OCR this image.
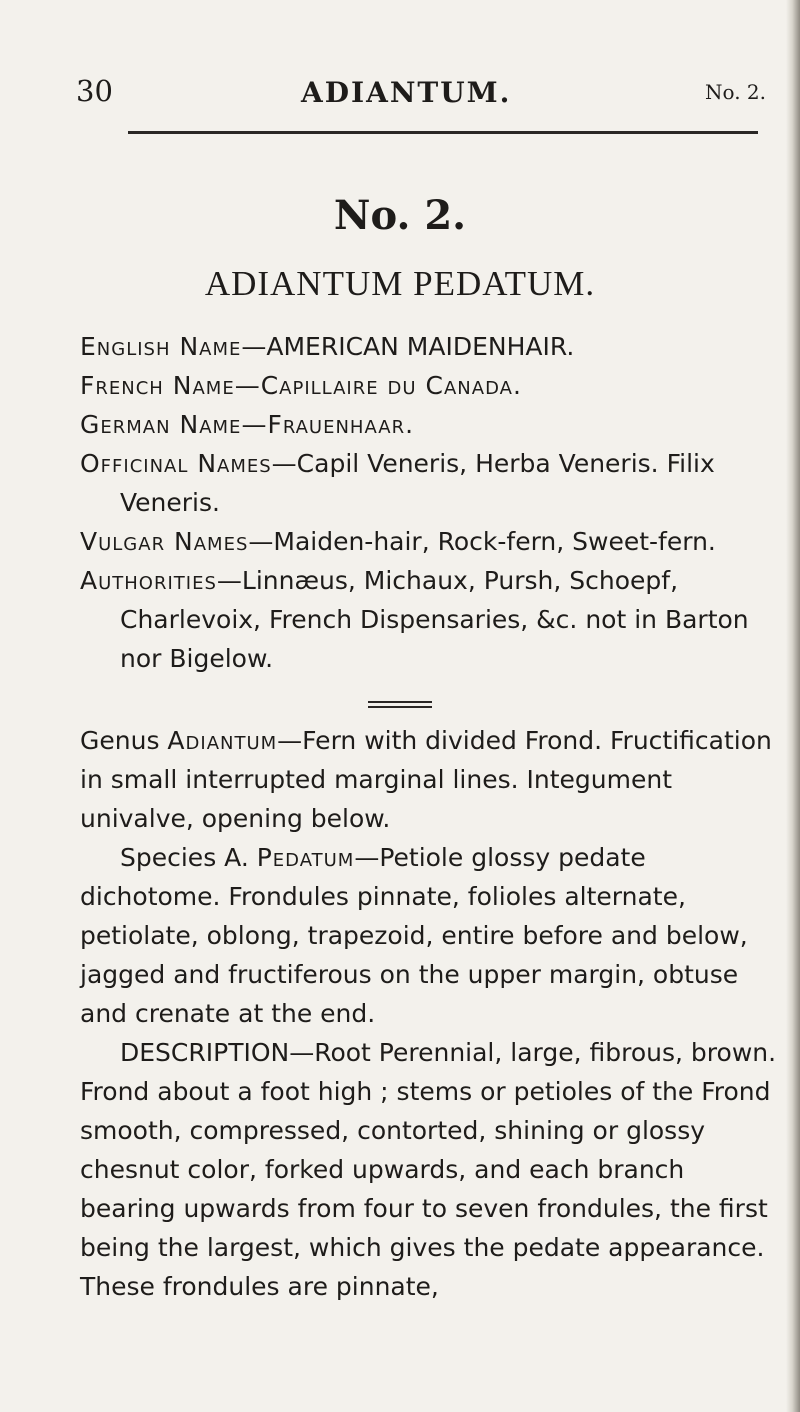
30	ADIANTUM.	No. 2.
No. 2.
ADIANTUM PEDATUM.

English Name—AMERICAN MAIDENHAIR.

French Name—Capillaire du Canada.

German Name—Frauenhaar.

Officinal Names—Capil Veneris, Herba Veneris. Filix Veneris.

Vulgar Names—Maiden-hair, Rock-fern, Sweet-fern.

Authorities—Linnæus, Michaux, Pursh, Schoepf, Charlevoix, French Dispensaries, &c. not in Barton nor Bigelow.

Genus Adiantum—Fern with divided Frond. Fructification in small interrupted marginal lines. Integument univalve, opening below.

Species A. Pedatum—Petiole glossy pedate dichotome. Frondules pinnate, folioles alternate, petiolate, oblong, trapezoid, entire before and below, jagged and fructiferous on the upper margin, obtuse and crenate at the end.

DESCRIPTION—Root Perennial, large, fibrous, brown. Frond about a foot high ; stems or petioles of the Frond smooth, compressed, contorted, shining or glossy chesnut color, forked upwards, and each branch bearing upwards from four to seven frondules, the first being the largest, which gives the pedate appearance. These frondules are pinnate,
